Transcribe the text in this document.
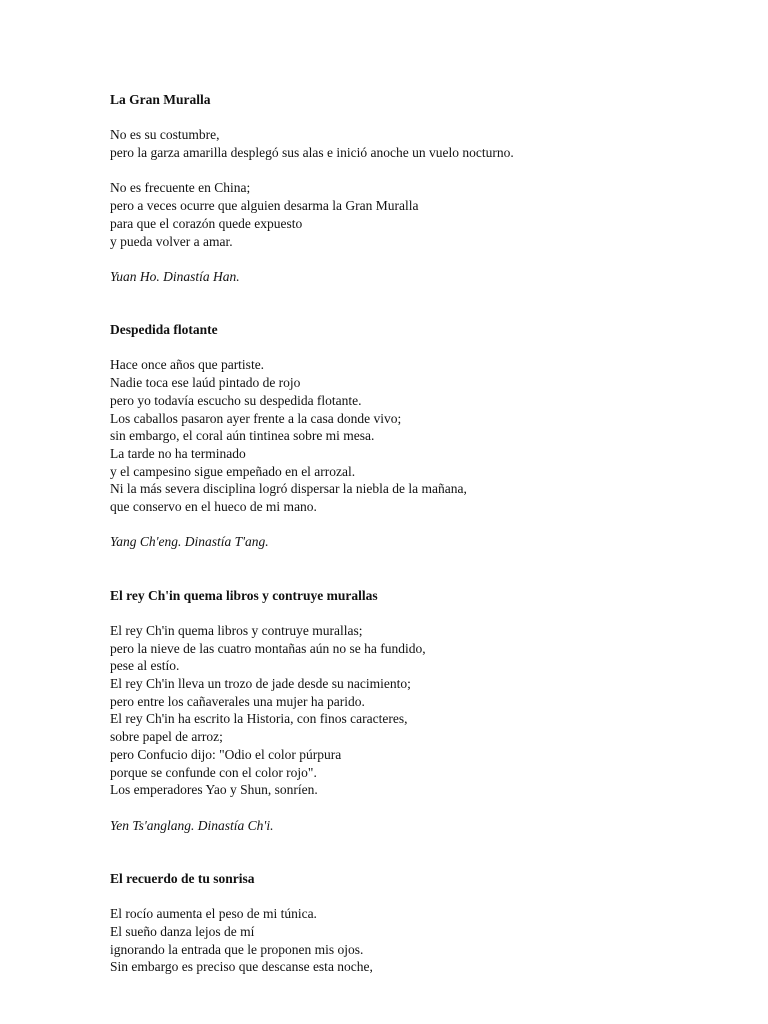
La Gran Muralla

No es su costumbre,
pero la garza amarilla desplegó sus alas e inició anoche un vuelo nocturno.
No es frecuente en China;
pero a veces ocurre que alguien desarma la Gran Muralla
para que el corazón quede expuesto
y pueda volver a amar.

Yuan Ho. Dinastía Han.

Despedida flotante

Hace once años que partiste.
Nadie toca ese laúd pintado de rojo
pero yo todavía escucho su despedida flotante.
Los caballos pasaron ayer frente a la casa donde vivo;
sin embargo, el coral aún tintinea sobre mi mesa.
La tarde no ha terminado
y el campesino sigue empeñado en el arrozal.
Ni la más severa disciplina logró dispersar la niebla de la mañana,
que conservo en el hueco de mi mano.

Yang Ch'eng. Dinastía T'ang.

El rey Ch'in quema libros y contruye murallas

El rey Ch'in quema libros y contruye murallas;
pero la nieve de las cuatro montañas aún no se ha fundido,
pese al estío.
El rey Ch'in lleva un trozo de jade desde su nacimiento;
pero entre los cañaverales una mujer ha parido.
El rey Ch'in ha escrito la Historia, con finos caracteres,
sobre papel de arroz;
pero Confucio dijo: "Odio el color púrpura
porque se confunde con el color rojo".
Los emperadores Yao y Shun, sonríen.

Yen Ts'anglang. Dinastía Ch'i.

El recuerdo de tu sonrisa

El rocío aumenta el peso de mi túnica.
El sueño danza lejos de mí
ignorando la entrada que le proponen mis ojos.
Sin embargo es preciso que descanse esta noche,
